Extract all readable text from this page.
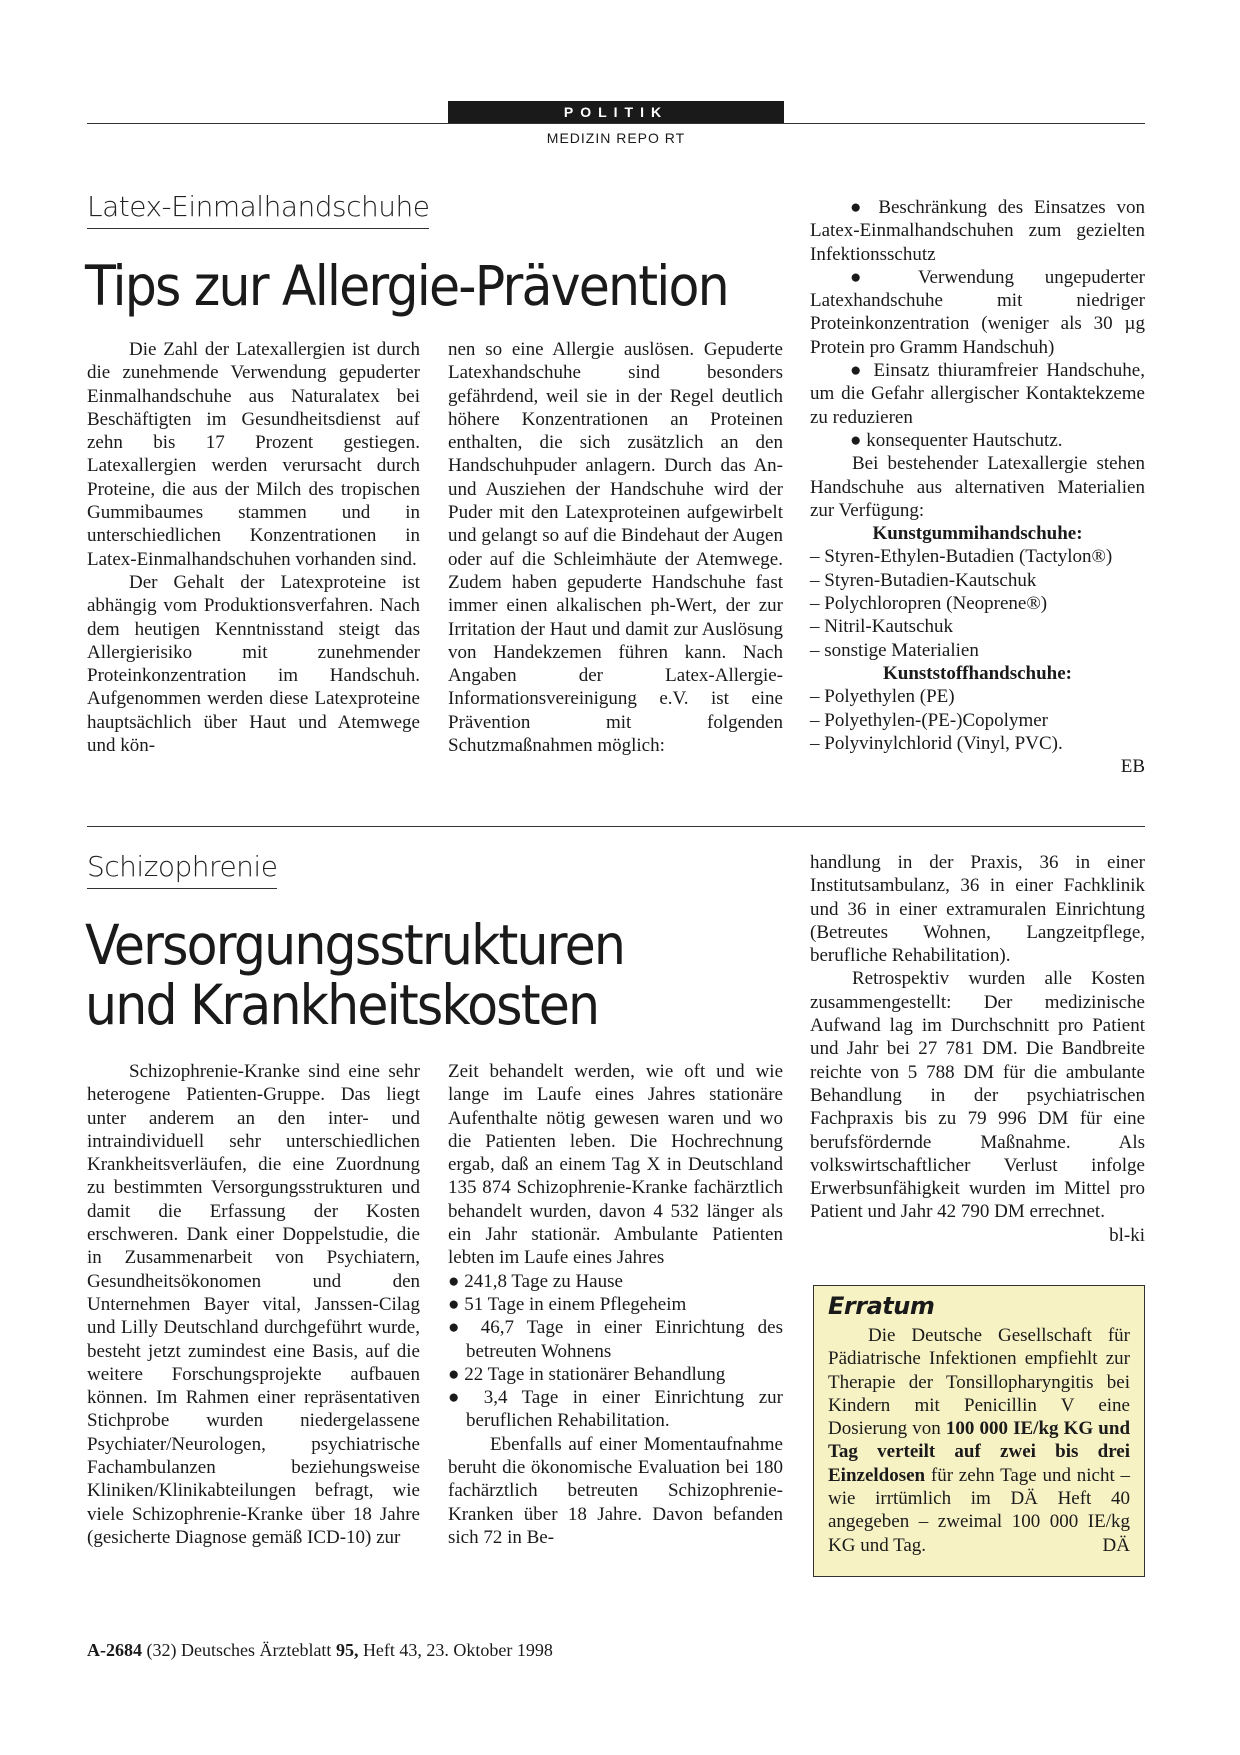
POLITIK
MEDIZIN REPO RT
Latex-Einmalhandschuhe
Tips zur Allergie-Prävention

Die Zahl der Latexallergien ist durch die zunehmende Verwendung gepuderter Einmalhandschuhe aus Naturalatex bei Beschäftigten im Gesundheitsdienst auf zehn bis 17 Prozent gestiegen. Latexallergien werden verursacht durch Proteine, die aus der Milch des tropischen Gummibaumes stammen und in unterschiedlichen Konzentrationen in Latex-Einmalhandschuhen vorhanden sind.

Der Gehalt der Latexproteine ist abhängig vom Produktionsverfahren. Nach dem heutigen Kenntnisstand steigt das Allergierisiko mit zunehmender Proteinkonzentration im Handschuh. Aufgenommen werden diese Latexproteine hauptsächlich über Haut und Atemwege und kön-

nen so eine Allergie auslösen. Gepuderte Latexhandschuhe sind besonders gefährdend, weil sie in der Regel deutlich höhere Konzentrationen an Proteinen enthalten, die sich zusätzlich an den Handschuhpuder anlagern. Durch das An- und Ausziehen der Handschuhe wird der Puder mit den Latexproteinen aufgewirbelt und gelangt so auf die Bindehaut der Augen oder auf die Schleimhäute der Atemwege. Zudem haben gepuderte Handschuhe fast immer einen alkalischen ph-Wert, der zur Irritation der Haut und damit zur Auslösung von Handekzemen führen kann. Nach Angaben der Latex-Allergie-Informationsvereinigung e.V. ist eine Prävention mit folgenden Schutzmaßnahmen möglich:

● Beschränkung des Einsatzes von Latex-Einmalhandschuhen zum gezielten Infektionsschutz

● Verwendung ungepuderter Latexhandschuhe mit niedriger Proteinkonzentration (weniger als 30 µg Protein pro Gramm Handschuh)

● Einsatz thiuramfreier Handschuhe, um die Gefahr allergischer Kontaktekzeme zu reduzieren

● konsequenter Hautschutz.

Bei bestehender Latexallergie stehen Handschuhe aus alternativen Materialien zur Verfügung:

Kunstgummihandschuhe:

– Styren-Ethylen-Butadien (Tactylon®)
– Styren-Butadien-Kautschuk
– Polychloropren (Neoprene®)
– Nitril-Kautschuk
– sonstige Materialien

Kunststoffhandschuhe:

– Polyethylen (PE)
– Polyethylen-(PE-)Copolymer
– Polyvinylchlorid (Vinyl, PVC).
EB
Schizophrenie
Versorgungsstrukturen
und Krankheitskosten

Schizophrenie-Kranke sind eine sehr heterogene Patienten-Gruppe. Das liegt unter anderem an den inter- und intraindividuell sehr unterschiedlichen Krankheitsverläufen, die eine Zuordnung zu bestimmten Versorgungsstrukturen und damit die Erfassung der Kosten erschweren. Dank einer Doppelstudie, die in Zusammenarbeit von Psychiatern, Gesundheitsökonomen und den Unternehmen Bayer vital, Janssen-Cilag und Lilly Deutschland durchgeführt wurde, besteht jetzt zumindest eine Basis, auf die weitere Forschungsprojekte aufbauen können. Im Rahmen einer repräsentativen Stichprobe wurden niedergelassene Psychiater/Neurologen, psychiatrische Fachambulanzen beziehungsweise Kliniken/Klinikabteilungen befragt, wie viele Schizophrenie-Kranke über 18 Jahre (gesicherte Diagnose gemäß ICD-10) zur

Zeit behandelt werden, wie oft und wie lange im Laufe eines Jahres stationäre Aufenthalte nötig gewesen waren und wo die Patienten leben. Die Hochrechnung ergab, daß an einem Tag X in Deutschland 135 874 Schizophrenie-Kranke fachärztlich behandelt wurden, davon 4 532 länger als ein Jahr stationär. Ambulante Patienten lebten im Laufe eines Jahres

● 241,8 Tage zu Hause
● 51 Tage in einem Pflegeheim
● 46,7 Tage in einer Einrichtung des betreuten Wohnens
● 22 Tage in stationärer Behandlung
● 3,4 Tage in einer Einrichtung zur beruflichen Rehabilitation.

Ebenfalls auf einer Momentaufnahme beruht die ökonomische Evaluation bei 180 fachärztlich betreuten Schizophrenie-Kranken über 18 Jahre. Davon befanden sich 72 in Be-

handlung in der Praxis, 36 in einer Institutsambulanz, 36 in einer Fachklinik und 36 in einer extramuralen Einrichtung (Betreutes Wohnen, Langzeitpflege, berufliche Rehabilitation).

Retrospektiv wurden alle Kosten zusammengestellt: Der medizinische Aufwand lag im Durchschnitt pro Patient und Jahr bei 27 781 DM. Die Bandbreite reichte von 5 788 DM für die ambulante Behandlung in der psychiatrischen Fachpraxis bis zu 79 996 DM für eine berufsfördernde Maßnahme. Als volkswirtschaftlicher Verlust infolge Erwerbsunfähigkeit wurden im Mittel pro Patient und Jahr 42 790 DM errechnet.
bl-ki

Erratum

Die Deutsche Gesellschaft für Pädiatrische Infektionen empfiehlt zur Therapie der Tonsillopharyngitis bei Kindern mit Penicillin V eine Dosierung von 100 000 IE/kg KG und Tag verteilt auf zwei bis drei Einzeldosen für zehn Tage und nicht – wie irrtümlich im DÄ Heft 40 angegeben – zweimal 100 000 IE/kg KG und Tag.	DÄ

A-2684 (32) Deutsches Ärzteblatt 95, Heft 43, 23. Oktober 1998
